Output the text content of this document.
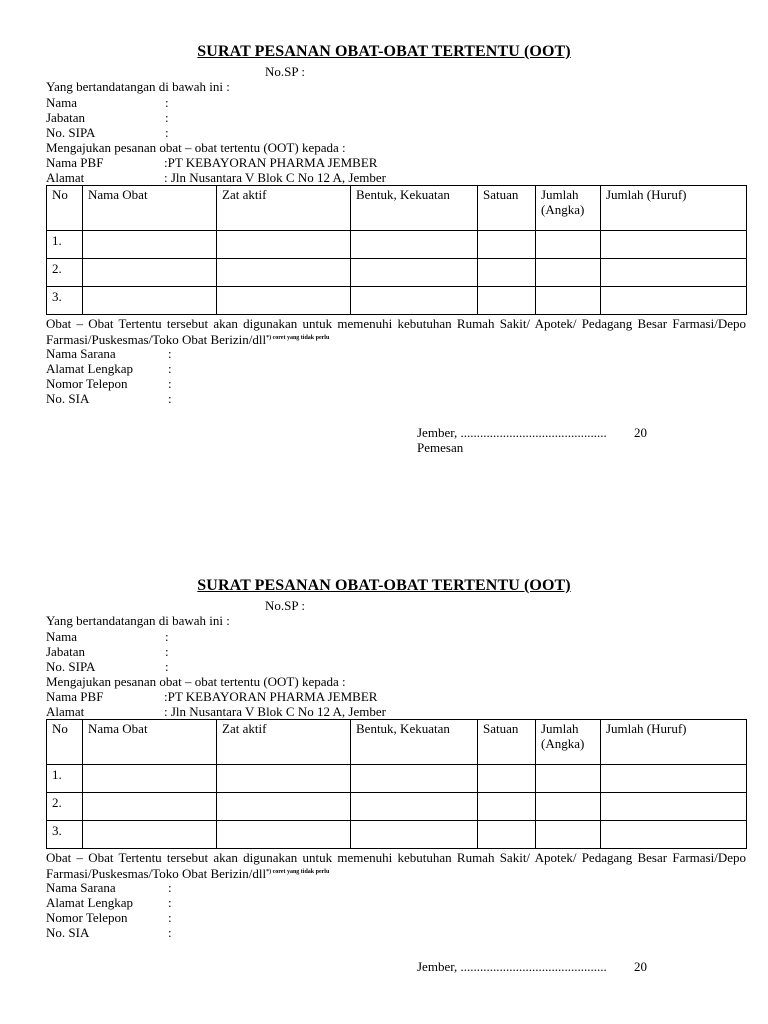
SURAT PESANAN OBAT-OBAT TERTENTU (OOT)
No.SP :
Yang bertandatangan di bawah ini :
Nama	:
Jabatan	:
No. SIPA	:
Mengajukan pesanan obat – obat tertentu (OOT) kepada :
Nama PBF	:PT KEBAYORAN PHARMA JEMBER
Alamat	: Jln Nusantara V Blok C No 12 A, Jember
No	Nama Obat	Zat aktif	Bentuk, Kekuatan	Satuan	Jumlah (Angka)	Jumlah (Huruf)
1.						
2.						
3.						
Obat – Obat Tertentu tersebut akan digunakan untuk memenuhi kebutuhan Rumah Sakit/ Apotek/ Pedagang Besar Farmasi/Depo Farmasi/Puskesmas/Toko Obat Berizin/dll$^{*) coret yang tidak perlu}$
Nama Sarana	:
Alamat Lengkap	:
Nomor Telepon	:
No. SIA	:
Jember, ............................................. 20
Pemesan
SURAT PESANAN OBAT-OBAT TERTENTU (OOT)
No.SP :
Yang bertandatangan di bawah ini :
Nama	:
Jabatan	:
No. SIPA	:
Mengajukan pesanan obat – obat tertentu (OOT) kepada :
Nama PBF	:PT KEBAYORAN PHARMA JEMBER
Alamat	: Jln Nusantara V Blok C No 12 A, Jember
No	Nama Obat	Zat aktif	Bentuk, Kekuatan	Satuan	Jumlah (Angka)	Jumlah (Huruf)
1.						
2.						
3.						
Obat – Obat Tertentu tersebut akan digunakan untuk memenuhi kebutuhan Rumah Sakit/ Apotek/ Pedagang Besar Farmasi/Depo Farmasi/Puskesmas/Toko Obat Berizin/dll$^{*) coret yang tidak perlu}$
Nama Sarana	:
Alamat Lengkap	:
Nomor Telepon	:
No. SIA	:
Jember, ............................................. 20
